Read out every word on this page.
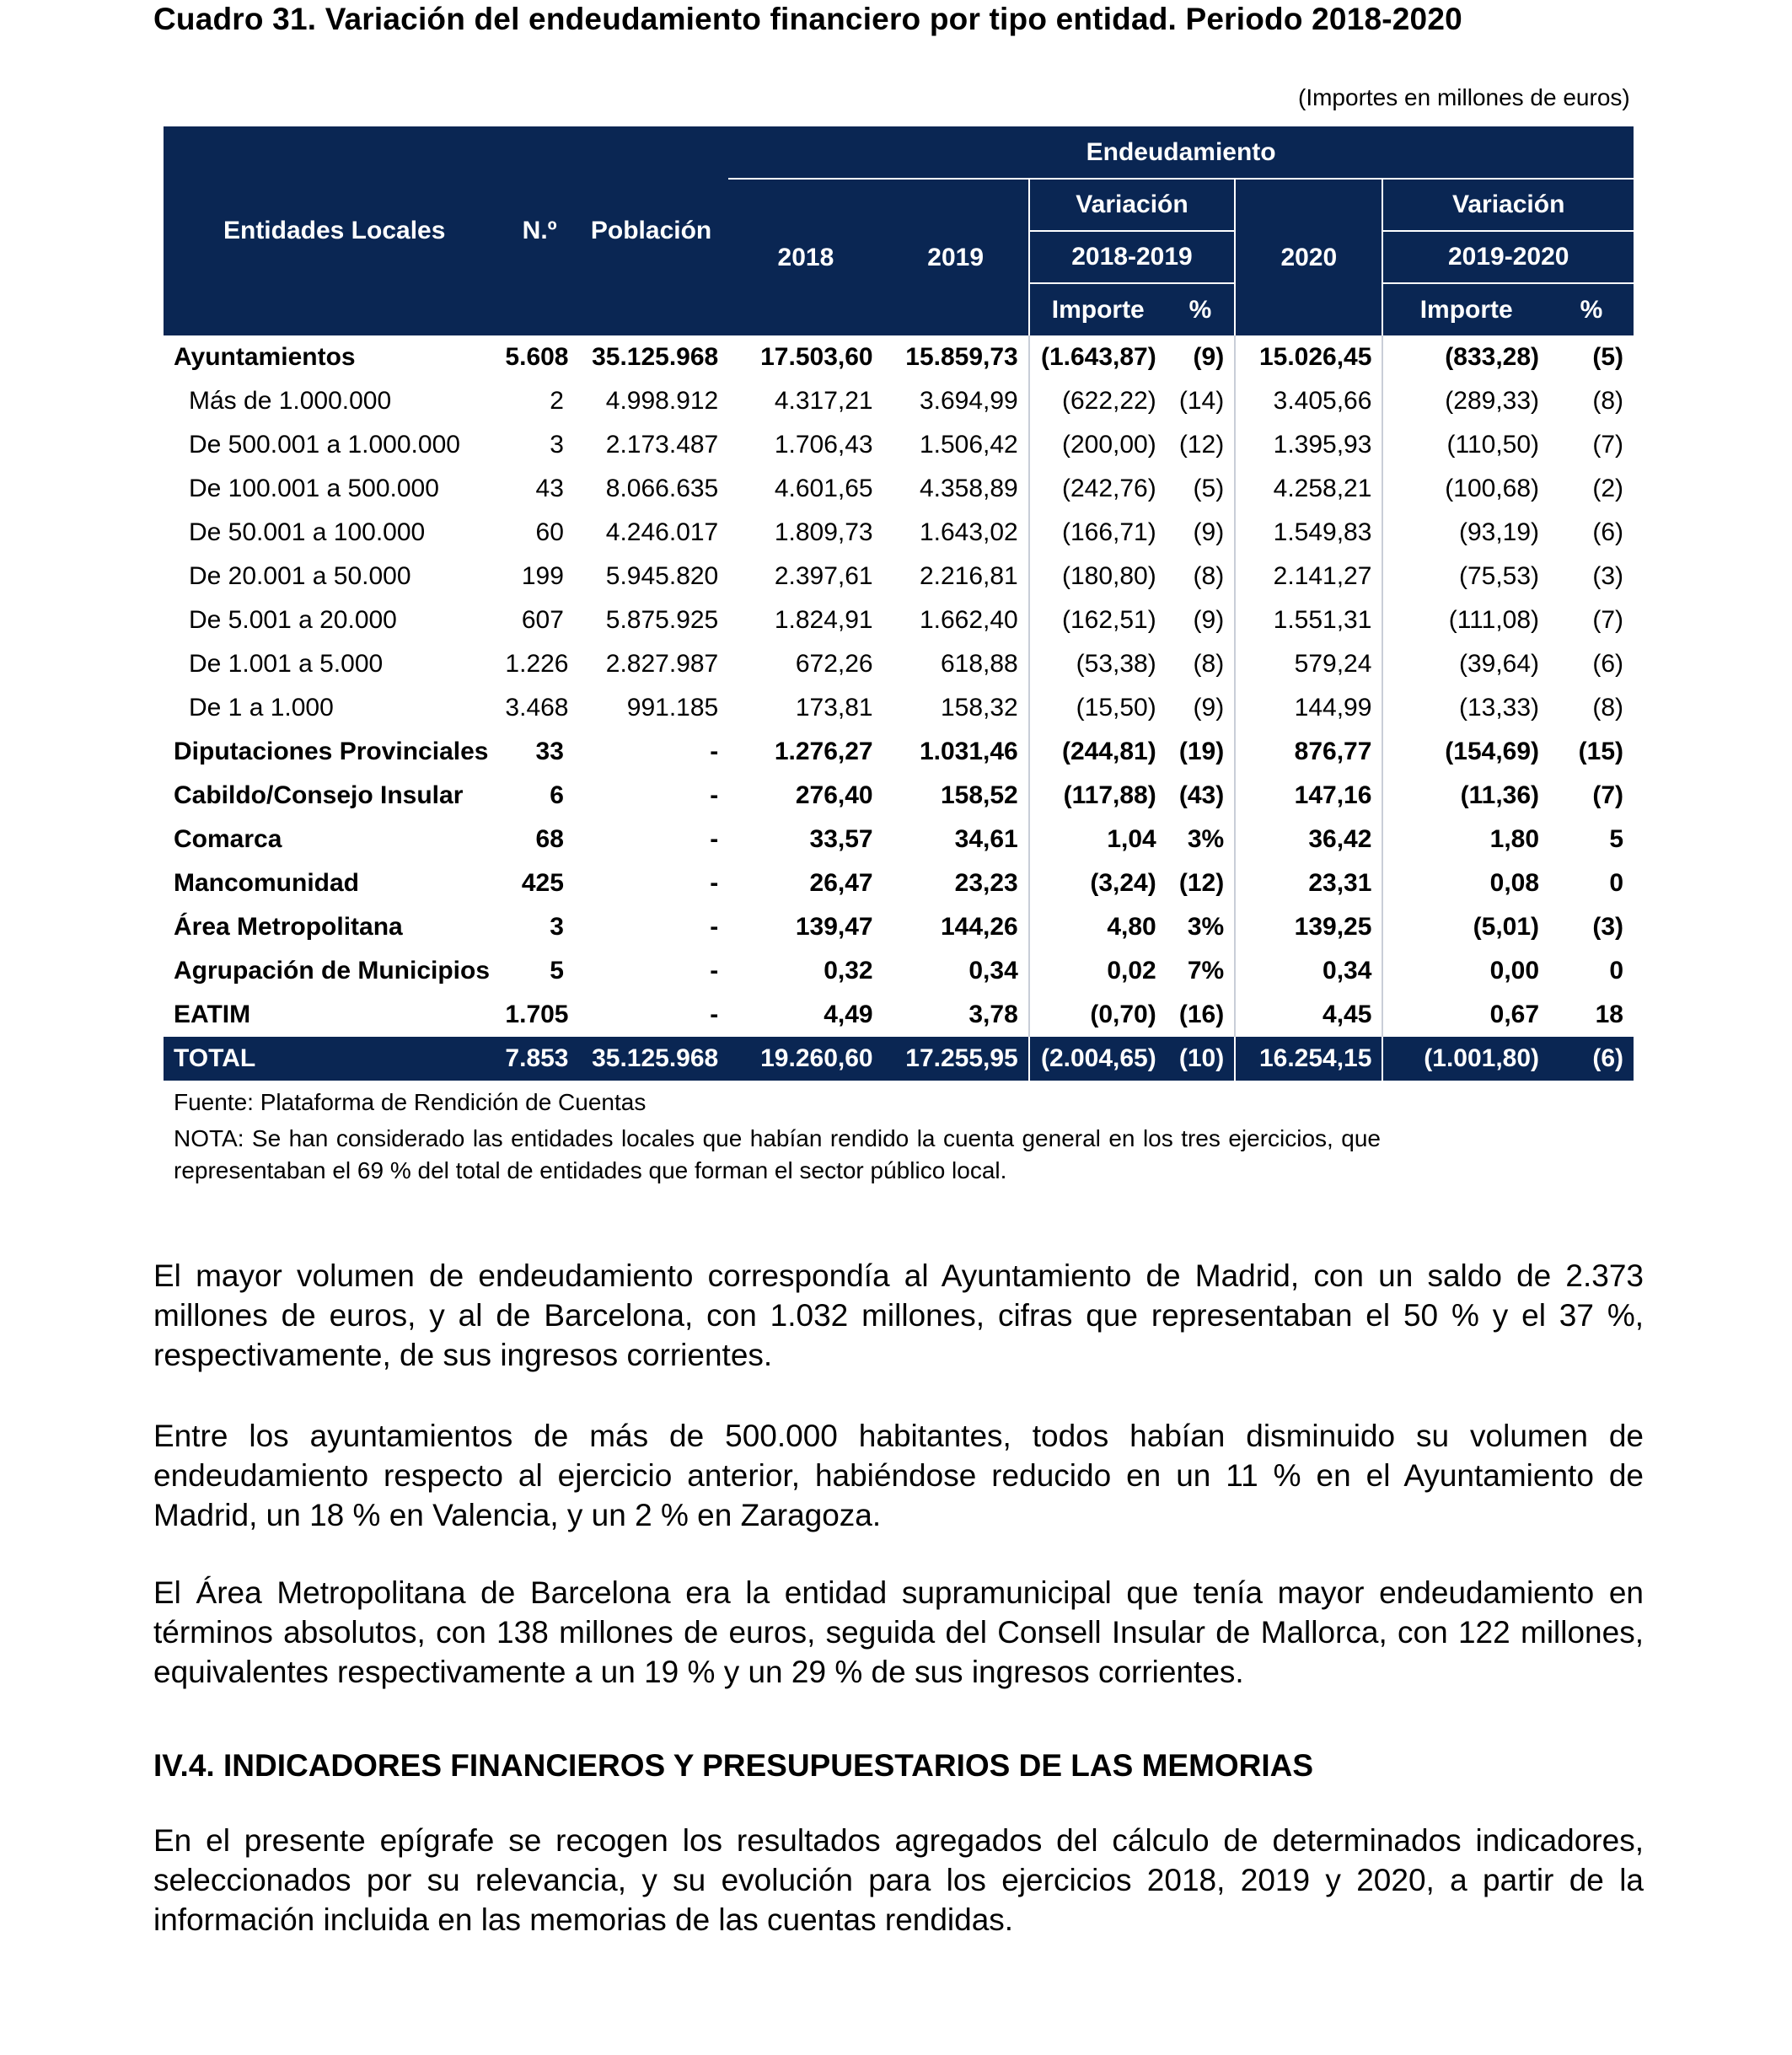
Cuadro 31. Variación del endeudamiento financiero por tipo entidad. Periodo 2018-2020
(Importes en millones de euros)
Entidades Locales	N.º	Población	Endeudamiento						
			2018	2019	Variación		2020	Variación	
					2018-2019			2019-2020	
					Importe	%		Importe	%
Ayuntamientos	5.608	35.125.968	17.503,60	15.859,73	(1.643,87)	(9)	15.026,45	(833,28)	(5)
Más de 1.000.000	2	4.998.912	4.317,21	3.694,99	(622,22)	(14)	3.405,66	(289,33)	(8)
De 500.001 a 1.000.000	3	2.173.487	1.706,43	1.506,42	(200,00)	(12)	1.395,93	(110,50)	(7)
De 100.001 a 500.000	43	8.066.635	4.601,65	4.358,89	(242,76)	(5)	4.258,21	(100,68)	(2)
De 50.001 a 100.000	60	4.246.017	1.809,73	1.643,02	(166,71)	(9)	1.549,83	(93,19)	(6)
De 20.001 a 50.000	199	5.945.820	2.397,61	2.216,81	(180,80)	(8)	2.141,27	(75,53)	(3)
De 5.001 a 20.000	607	5.875.925	1.824,91	1.662,40	(162,51)	(9)	1.551,31	(111,08)	(7)
De 1.001 a 5.000	1.226	2.827.987	672,26	618,88	(53,38)	(8)	579,24	(39,64)	(6)
De 1 a 1.000	3.468	991.185	173,81	158,32	(15,50)	(9)	144,99	(13,33)	(8)
Diputaciones Provinciales	33	-	1.276,27	1.031,46	(244,81)	(19)	876,77	(154,69)	(15)
Cabildo/Consejo Insular	6	-	276,40	158,52	(117,88)	(43)	147,16	(11,36)	(7)
Comarca	68	-	33,57	34,61	1,04	3%	36,42	1,80	5
Mancomunidad	425	-	26,47	23,23	(3,24)	(12)	23,31	0,08	0
Área Metropolitana	3	-	139,47	144,26	4,80	3%	139,25	(5,01)	(3)
Agrupación de Municipios	5	-	0,32	0,34	0,02	7%	0,34	0,00	0
EATIM	1.705	-	4,49	3,78	(0,70)	(16)	4,45	0,67	18
TOTAL	7.853	35.125.968	19.260,60	17.255,95	(2.004,65)	(10)	16.254,15	(1.001,80)	(6)
Fuente: Plataforma de Rendición de Cuentas
NOTA: Se han considerado las entidades locales que habían rendido la cuenta general en los tres ejercicios, que representaban el 69 % del total de entidades que forman el sector público local.

El mayor volumen de endeudamiento correspondía al Ayuntamiento de Madrid, con un saldo de 2.373 millones de euros, y al de Barcelona, con 1.032 millones, cifras que representaban el 50 % y el 37 %, respectivamente, de sus ingresos corrientes.

Entre los ayuntamientos de más de 500.000 habitantes, todos habían disminuido su volumen de endeudamiento respecto al ejercicio anterior, habiéndose reducido en un 11 % en el Ayuntamiento de Madrid, un 18 % en Valencia, y un 2 % en Zaragoza.

El Área Metropolitana de Barcelona era la entidad supramunicipal que tenía mayor endeudamiento en términos absolutos, con 138 millones de euros, seguida del Consell Insular de Mallorca, con 122 millones, equivalentes respectivamente a un 19 % y un 29 % de sus ingresos corrientes.

IV.4. INDICADORES FINANCIEROS Y PRESUPUESTARIOS DE LAS MEMORIAS

En el presente epígrafe se recogen los resultados agregados del cálculo de determinados indicadores, seleccionados por su relevancia, y su evolución para los ejercicios 2018, 2019 y 2020, a partir de la información incluida en las memorias de las cuentas rendidas.
